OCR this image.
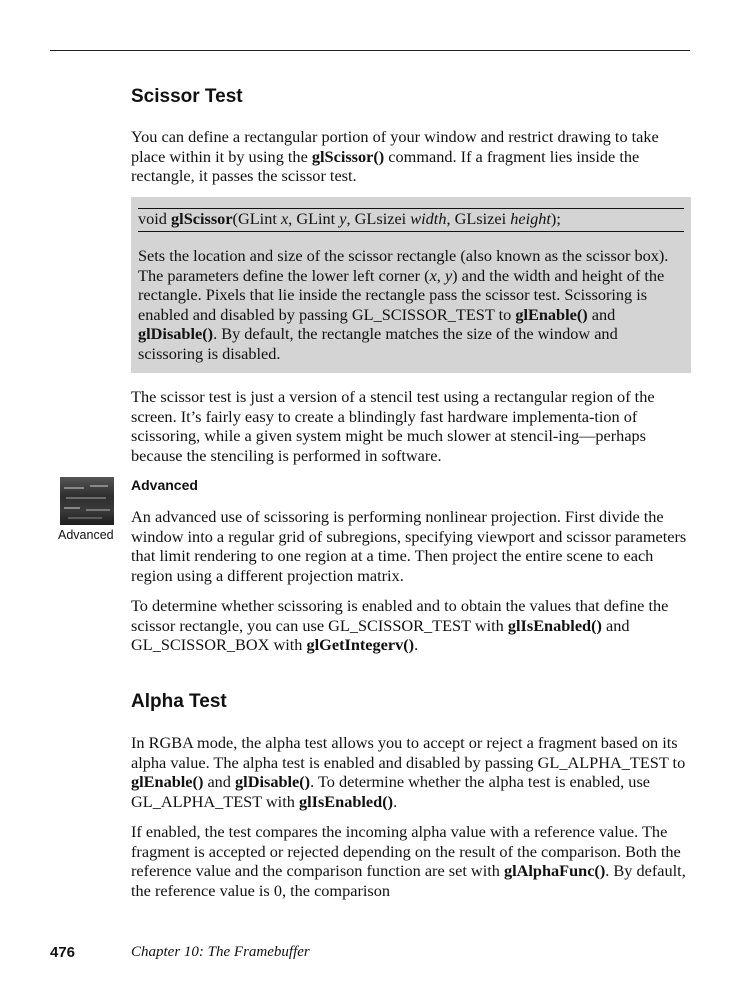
Scissor Test

You can define a rectangular portion of your window and restrict drawing to take place within it by using the glScissor() command. If a fragment lies inside the rectangle, it passes the scissor test.

void glScissor(GLint x, GLint y, GLsizei width, GLsizei height);
Sets the location and size of the scissor rectangle (also known as the scissor box). The parameters define the lower left corner (x, y) and the width and height of the rectangle. Pixels that lie inside the rectangle pass the scissor test. Scissoring is enabled and disabled by passing GL_SCISSOR_TEST to glEnable() and glDisable(). By default, the rectangle matches the size of the window and scissoring is disabled.

The scissor test is just a version of a stencil test using a rectangular region of the screen. It’s fairly easy to create a blindingly fast hardware implementa-tion of scissoring, while a given system might be much slower at stencil-ing—perhaps because the stenciling is performed in software.

Advanced
Advanced

An advanced use of scissoring is performing nonlinear projection. First divide the window into a regular grid of subregions, specifying viewport and scissor parameters that limit rendering to one region at a time. Then project the entire scene to each region using a different projection matrix.

To determine whether scissoring is enabled and to obtain the values that define the scissor rectangle, you can use GL_SCISSOR_TEST with glIsEnabled() and GL_SCISSOR_BOX with glGetIntegerv().

Alpha Test

In RGBA mode, the alpha test allows you to accept or reject a fragment based on its alpha value. The alpha test is enabled and disabled by passing GL_ALPHA_TEST to glEnable() and glDisable(). To determine whether the alpha test is enabled, use GL_ALPHA_TEST with glIsEnabled().

If enabled, the test compares the incoming alpha value with a reference value. The fragment is accepted or rejected depending on the result of the comparison. Both the reference value and the comparison function are set with glAlphaFunc(). By default, the reference value is 0, the comparison

476	Chapter 10: The Framebuffer
